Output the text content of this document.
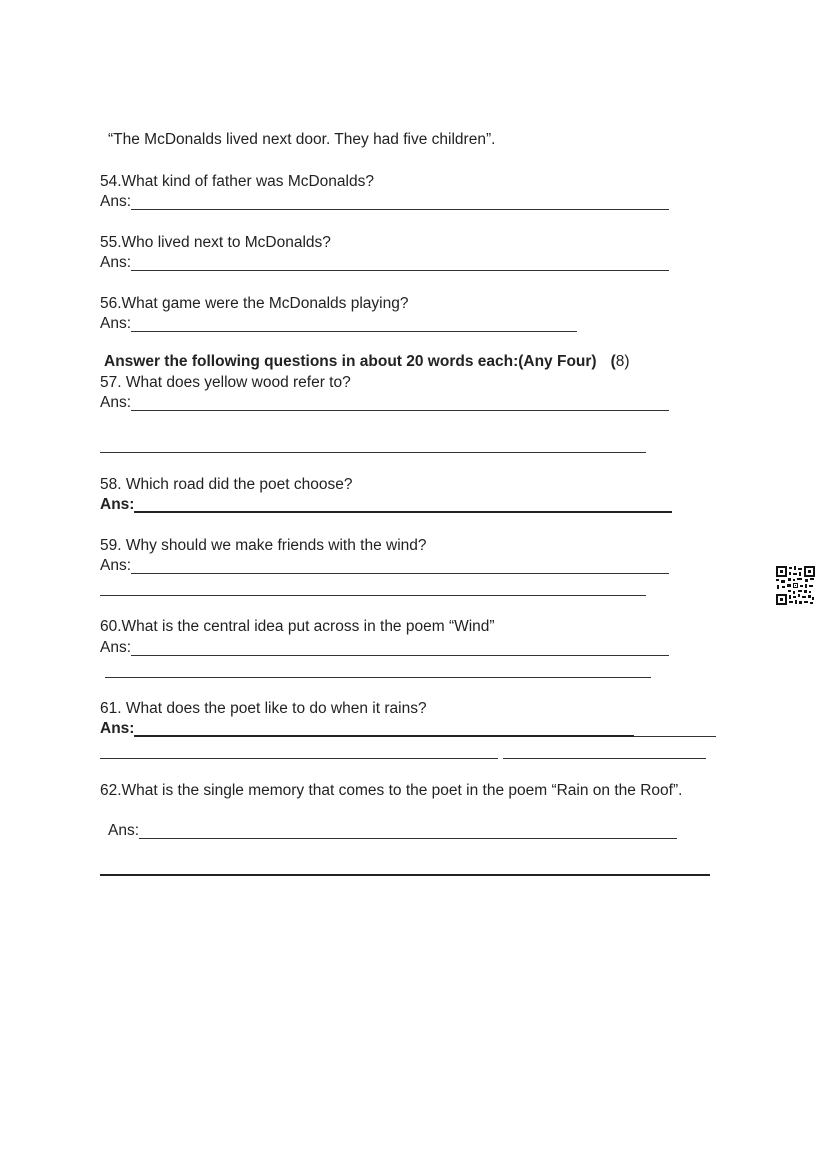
“The McDonalds lived next door. They had five children”.
54.What kind of father was McDonalds?
Ans:
55.Who lived next to McDonalds?
Ans:
56.What game were the McDonalds playing?
Ans:
Answer the following questions in about 20 words each:(Any Four) (8)
57. What does yellow wood refer to?
Ans:
58. Which road did the poet choose?
Ans:
59. Why should we make friends with the wind?
Ans:
60.What is the central idea put across in the poem “Wind”
Ans:
61. What does the poet like to do when it rains?
Ans:
62.What is the single memory that comes to the poet in the poem “Rain on the Roof”.
Ans:
